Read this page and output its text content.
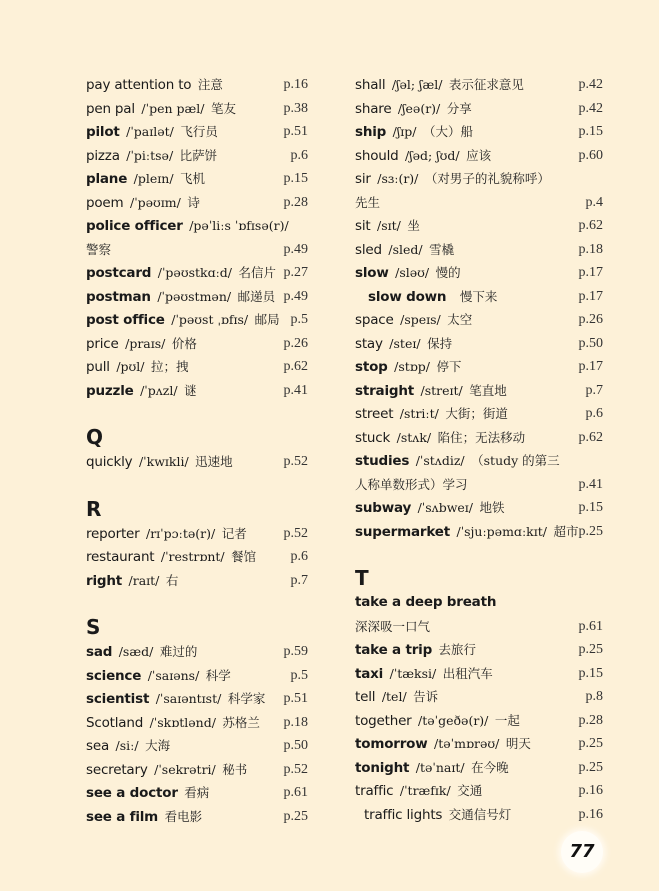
pay attention to 注意	p.16
pen pal /ˈpen pæl/ 笔友	p.38
pilot /ˈpaɪlət/ 飞行员	p.51
pizza /ˈpiːtsə/ 比萨饼	p.6
plane /pleɪn/ 飞机	p.15
poem /ˈpəʊɪm/ 诗	p.28
police officer /pəˈliːs ˈɒfɪsə(r)/
警察	p.49
postcard /ˈpəʊstkɑːd/ 名信片 p.27
postman /ˈpəʊstmən/ 邮递员 p.49
post office /ˈpəʊst ˌɒfɪs/ 邮局 p.5
price /praɪs/ 价格	p.26
pull /pʊl/ 拉；拽	p.62
puzzle /ˈpʌzl/ 谜	p.41
Q
quickly /ˈkwɪkli/ 迅速地	p.52
R
reporter /rɪˈpɔːtə(r)/ 记者	p.52
restaurant /ˈrestrɒnt/ 餐馆 p.6
right /raɪt/ 右	p.7
S
sad /sæd/ 难过的	p.59
science /ˈsaɪəns/ 科学	p.5
scientist /ˈsaɪəntɪst/ 科学家 p.51
Scotland /ˈskɒtlənd/ 苏格兰 p.18
sea /siː/ 大海	p.50
secretary /ˈsekrətri/ 秘书	p.52
see a doctor 看病	p.61
see a film 看电影	p.25
shall /ʃəl; ʃæl/ 表示征求意见	p.42
share /ʃeə(r)/ 分享	p.42
ship /ʃɪp/ （大）船	p.15
should /ʃəd; ʃʊd/ 应该	p.60
sir /sɜː(r)/ （对男子的礼貌称呼）
先生	p.4
sit /sɪt/ 坐	p.62
sled /sled/ 雪橇	p.18
slow /sləʊ/ 慢的	p.17
slow down 慢下来	p.17
space /speɪs/ 太空	p.26
stay /steɪ/ 保持	p.50
stop /stɒp/ 停下	p.17
straight /streɪt/ 笔直地	p.7
street /striːt/ 大街；街道	p.6
stuck /stʌk/ 陷住；无法移动	p.62
studies /ˈstʌdiz/ （study 的第三
人称单数形式）学习	p.41
subway /ˈsʌbweɪ/ 地铁	p.15
supermarket /ˈsjuːpəmɑːkɪt/ 超市 p.25
T
take a deep breath
深深吸一口气	p.61
take a trip 去旅行	p.25
taxi /ˈtæksi/ 出租汽车	p.15
tell /tel/ 告诉	p.8
together /təˈgeðə(r)/ 一起	p.28
tomorrow /təˈmɒrəʊ/ 明天	p.25
tonight /təˈnaɪt/ 在今晚	p.25
traffic /ˈtræfɪk/ 交通	p.16
traffic lights 交通信号灯	p.16
77
